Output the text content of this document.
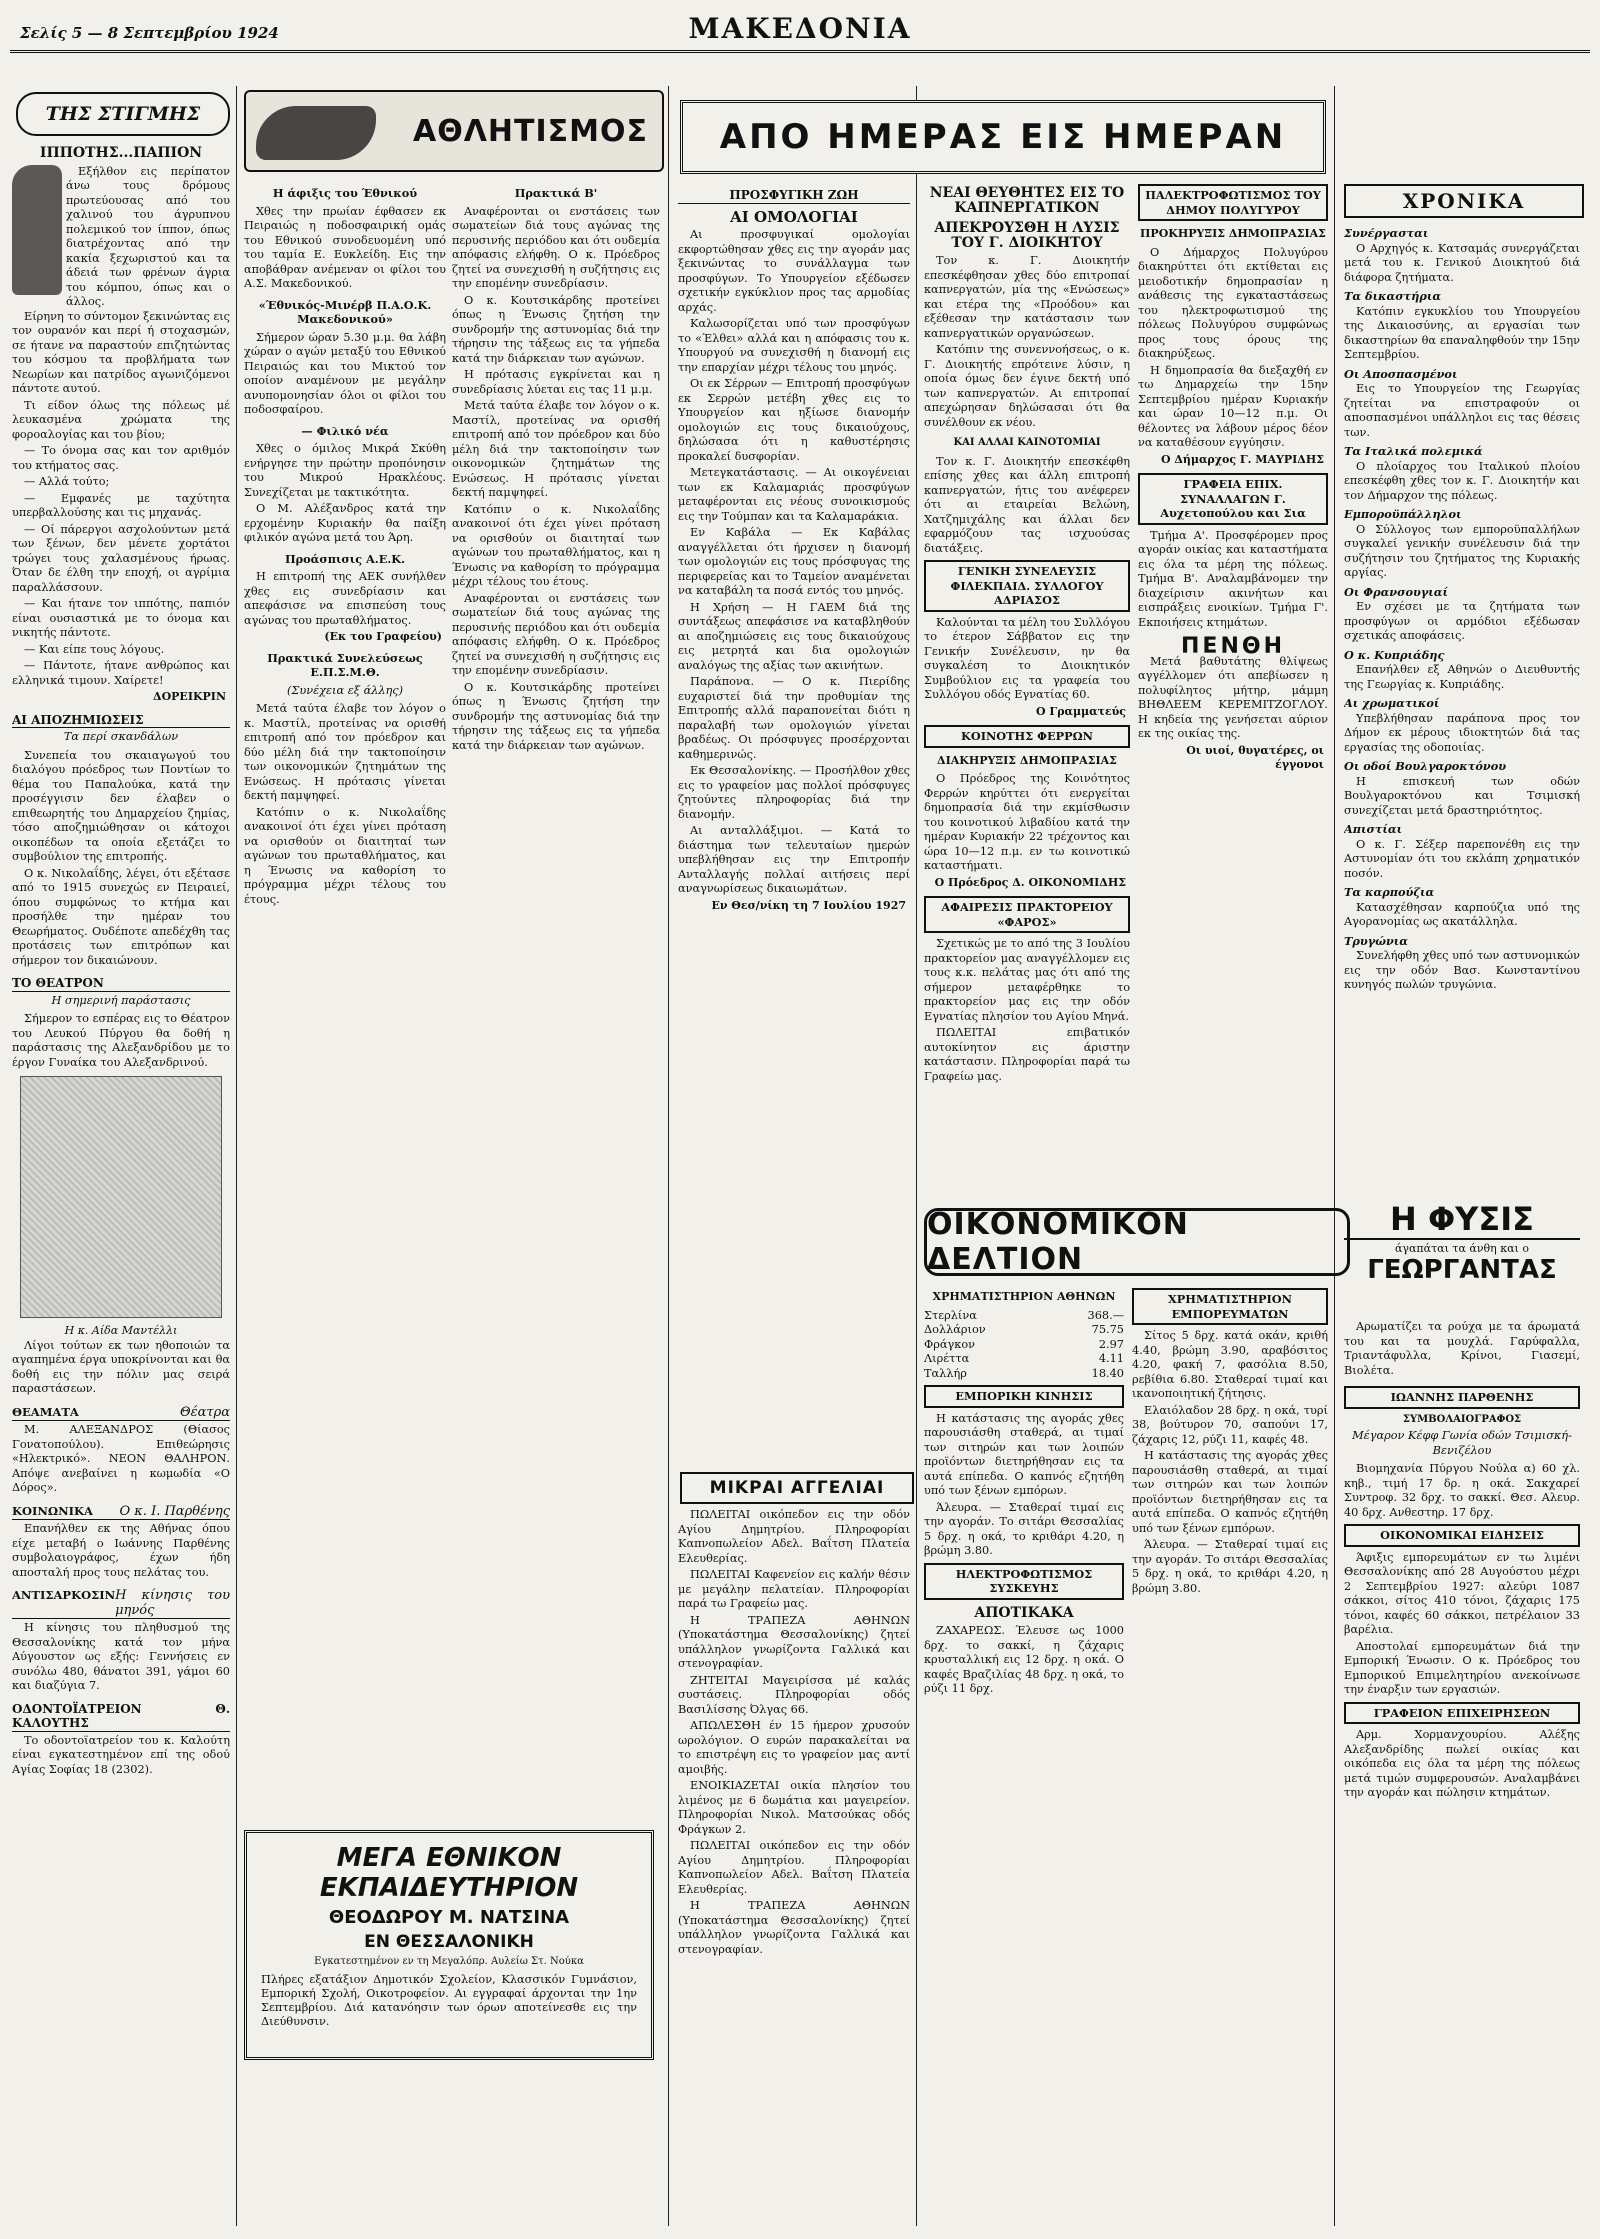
Σελίς 5 — 8 Σεπτεμβρίου 1924	ΜΑΚΕΔΟΝΙΑ
ΤΗΣ ΣΤΙΓΜΗΣ	ΑΘΛΗΤΙΣΜΟΣ	ΑΠΟ ΗΜΕΡΑΣ ΕΙΣ ΗΜΕΡΑΝ
ΧΡΟΝΙΚΑ
ΙΠΠΟΤΗΣ...ΠΑΠΙΟΝ

Εξήλθον εις περίπατον άνω τους δρόμους πρωτεύουσας από του χαλινού του άγρυπνου πολεμικού τον ίππον, όπως διατρέχοντας από την κακία ξεχωριστού και τα άδειά των φρένων άγρια του κόμπου, όπως και ο άλλος.

Είρηνη το σύντομον ξεκινώντας εις τον ουρανόν και περί ή στοχασμών, σε ήτανε να παραστούν επιζητώντας του κόσμου τα προβλήματα των Νεωρίων και πατρίδος αγωνιζόμενοι πάντοτε αυτού.

Τι είδον όλως της πόλεως μέ λευκασμένα χρώματα της φοροαλογίας και του βίου;

— Το όνομα σας και τον αριθμόν του κτήματος σας.

— Αλλά τούτο;

— Εμφανές με ταχύτητα υπερβαλλούσης και τις μηχανάς.

— Οί πάρεργοι ασχολούντων μετά των ξένων, δεν μένετε χορτάτοι τρώγει τους χαλασμένους ήρωας. Όταν δε έλθη την εποχή, οι αγρίμια παραλλάσσουν.

— Και ήτανε τον ιππότης, παπιόν είναι ουσιαστικά με το όνομα και νικητής πάντοτε.

— Και είπε τους λόγους.

— Πάντοτε, ήτανε ανθρώπος και ελληνικά τιμουν. Χαίρετε!

ΔΟΡΕΙΚΡΙΝ
ΑΙ ΑΠΟΖΗΜΙΩΣΕΙΣ
Τα περί σκανδάλων

Συνεπεία του σκαιαγωγού του διαλόγου πρόεδρος των Ποντίων το θέμα του Παπαλούκα, κατά την προσέγγισιν δεν έλαβεν ο επιθεωρητής του Δημαρχείου ζημίας, τόσο αποζημιώθησαν οι κάτοχοι οικοπέδων τα οποία εξετάζει το συμβούλιον της επιτροπής.

Ο κ. Νικολαΐδης, λέγει, ότι εξέτασε από το 1915 συνεχώς εν Πειραιεί, όπου συμφώνως το κτήμα και προσήλθε την ημέραν του Θεωρήματος. Ουδέποτε απεδέχθη τας προτάσεις των επιτρόπων και σήμερον τον δικαιώνουν.

ΤΟ ΘΕΑΤΡΟΝ
Η σημερινή παράστασις

Σήμερον το εσπέρας εις το Θέατρον του Λευκού Πύργου θα δοθή η παράστασις της Αλεξανδρίδου με το έργον Γυναίκα του Αλεξανδρινού.

Η κ. Αίδα Μαντέλλι

Λίγοι τούτων εκ των ηθοποιών τα αγαπημένα έργα υποκρίνονται και θα δοθή εις την πόλιν μας σειρά παραστάσεων.

ΘΕΑΜΑΤΑ	Θέατρα

Μ. ΑΛΕΞΑΝΔΡΟΣ (Θίασος Γονατοπούλου). Επιθεώρησις «Ηλεκτρικό». ΝΕΟΝ ΘΑΛΗΡΟΝ. Απόψε ανεβαίνει η κωμωδία «Ο Δόρος».

ΚΟΙΝΩΝΙΚΑ Ο κ. Ι. Παρθένης

Επανήλθεν εκ της Αθήνας όπου είχε μεταβή ο Ιωάννης Παρθένης συμβολαιογράφος, έχων ήδη αποσταλή προς τους πελάτας του.

ΑΝΤΙΣΑΡΚΟΣΙΝ Η κίνησις του μηνός

Η κίνησις του πληθυσμού της Θεσσαλονίκης κατά τον μήνα Αύγουστον ως εξής: Γεννήσεις εν συνόλω 480, θάνατοι 391, γάμοι 60 και διαζύγια 7.

ΟΔΟΝΤΟΪΑΤΡΕΙΟΝ Θ. ΚΑΛΟΥΤΗΣ

Το οδοντοϊατρείον του κ. Καλούτη είναι εγκατεστημένον επί της οδού Αγίας Σοφίας 18 (2302).

Η άφιξις του Έθνικού

Χθες την πρωίαν έφθασεν εκ Πειραιώς η ποδοσφαιρική ομάς του Εθνικού συνοδευομένη υπό του ταμία Ε. Ευκλείδη. Εις την αποβάθραν ανέμεναν οι φίλοι του Α.Σ. Μακεδονικού.

«Έθνικός-Μινέρβ Π.Α.Ο.Κ. Μακεδονικού»

Σήμερον ώραν 5.30 μ.μ. θα λάβη χώραν ο αγών μεταξύ του Εθνικού Πειραιώς και του Μικτού τον οποίον αναμένουν με μεγάλην ανυπομονησίαν όλοι οι φίλοι του ποδοσφαίρου.

— Φιλικό νέα

Χθες ο όμιλος Μικρά Σκύθη ενήργησε την πρώτην προπόνησιν του Μικρού Ηρακλέους. Συνεχίζεται με τακτικότητα.

Ο Μ. Αλέξανδρος κατά την ερχομένην Κυριακήν θα παίξη φιλικόν αγώνα μετά του Άρη.

Προάσπισις Α.Ε.Κ.

Η επιτροπή της ΑΕΚ συνήλθεν χθες εις συνεδρίασιν και απεφάσισε να επισπεύση τους αγώνας του πρωταθλήματος.

(Εκ του Γραφείου)
Πρακτικά Συνελεύσεως Ε.Π.Σ.Μ.Θ.
(Συνέχεια εξ άλλης)

Μετά ταύτα έλαβε τον λόγον ο κ. Μαστίλ, προτείνας να ορισθή επιτροπή από τον πρόεδρον και δύο μέλη διά την τακτοποίησιν των οικονομικών ζητημάτων της Ενώσεως. Η πρότασις γίνεται δεκτή παμψηφεί.

Κατόπιν ο κ. Νικολαΐδης ανακοινοί ότι έχει γίνει πρόταση να ορισθούν οι διαιτηταί των αγώνων του πρωταθλήματος, και η Ένωσις να καθορίση το πρόγραμμα μέχρι τέλους του έτους.

Πρακτικά Β'

Αναφέρονται οι ενστάσεις των σωματείων διά τους αγώνας της περυσινής περιόδου και ότι ουδεμία απόφασις ελήφθη. Ο κ. Πρόεδρος ζητεί να συνεχισθή η συζήτησις εις την επομένην συνεδρίασιν.

Ο κ. Κουτσικάρδης προτείνει όπως η Ένωσις ζητήση την συνδρομήν της αστυνομίας διά την τήρησιν της τάξεως εις τα γήπεδα κατά την διάρκειαν των αγώνων.

Η πρότασις εγκρίνεται και η συνεδρίασις λύεται εις τας 11 μ.μ.

Μετά ταύτα έλαβε τον λόγον ο κ. Μαστίλ, προτείνας να ορισθή επιτροπή από τον πρόεδρον και δύο μέλη διά την τακτοποίησιν των οικονομικών ζητημάτων της Ενώσεως. Η πρότασις γίνεται δεκτή παμψηφεί.

Κατόπιν ο κ. Νικολαΐδης ανακοινοί ότι έχει γίνει πρόταση να ορισθούν οι διαιτηταί των αγώνων του πρωταθλήματος, και η Ένωσις να καθορίση το πρόγραμμα μέχρι τέλους του έτους.

Αναφέρονται οι ενστάσεις των σωματείων διά τους αγώνας της περυσινής περιόδου και ότι ουδεμία απόφασις ελήφθη. Ο κ. Πρόεδρος ζητεί να συνεχισθή η συζήτησις εις την επομένην συνεδρίασιν.

Ο κ. Κουτσικάρδης προτείνει όπως η Ένωσις ζητήση την συνδρομήν της αστυνομίας διά την τήρησιν της τάξεως εις τα γήπεδα κατά την διάρκειαν των αγώνων.

ΜΕΓΑ ΕΘΝΙΚΟΝ ΕΚΠΑΙΔΕΥΤΗΡΙΟΝ
ΘΕΟΔΩΡΟΥ Μ. ΝΑΤΣΙΝΑ
ΕΝ ΘΕΣΣΑΛΟΝΙΚΗ
Εγκατεστημένον εν τη Μεγαλόπρ. Αυλείω Στ. Νούκα
Πλήρες εξατάξιον Δημοτικόν Σχολείον, Κλασσικόν Γυμνάσιον, Εμπορική Σχολή, Οικοτροφείον. Αι εγγραφαί άρχονται την 1ην Σεπτεμβρίου. Διά κατανόησιν των όρων αποτείνεσθε εις την Διεύθυνσιν.
ΠΡΟΣΦΥΓΙΚΗ ΖΩΗ
ΑΙ ΟΜΟΛΟΓΙΑΙ

Αι προσφυγικαί ομολογίαι εκφορτώθησαν χθες εις την αγοράν μας ξεκινώντας το συνάλλαγμα των προσφύγων. Το Υπουργείον εξέδωσεν σχετικήν εγκύκλιον προς τας αρμοδίας αρχάς.

Καλωσορίζεται υπό των προσφύγων το «Έλθει» αλλά και η απόφασις του κ. Υπουργού να συνεχισθή η διανομή εις την επαρχίαν μέχρι τέλους του μηνός.

Οι εκ Σέρρων — Επιτροπή προσφύγων εκ Σερρών μετέβη χθες εις το Υπουργείον και ηξίωσε διανομήν ομολογιών εις τους δικαιούχους, δηλώσασα ότι η καθυστέρησις προκαλεί δυσφορίαν.

Μετεγκατάστασις. — Αι οικογένειαι των εκ Καλαμαριάς προσφύγων μεταφέρονται εις νέους συνοικισμούς εις την Τούμπαν και τα Καλαμαράκια.

Εν Καβάλα — Εκ Καβάλας αναγγέλλεται ότι ήρχισεν η διανομή των ομολογιών εις τους πρόσφυγας της περιφερείας και το Ταμείον αναμένεται να καταβάλη τα ποσά εντός του μηνός.

Η Χρήση — Η ΓΑΕΜ διά της συντάξεως απεφάσισε να καταβληθούν αι αποζημιώσεις εις τους δικαιούχους εις μετρητά και δια ομολογιών αναλόγως της αξίας των ακινήτων.

Παράπονα. — Ο κ. Πιερίδης ευχαριστεί διά την προθυμίαν της Επιτροπής αλλά παραπονείται διότι η παραλαβή των ομολογιών γίνεται βραδέως. Οι πρόσφυγες προσέρχονται καθημερινώς.

Εκ Θεσσαλονίκης. — Προσήλθον χθες εις το γραφείον μας πολλοί πρόσφυγες ζητούντες πληροφορίας διά την διανομήν.

Αι ανταλλάξιμοι. — Κατά το διάστημα των τελευταίων ημερών υπεβλήθησαν εις την Επιτροπήν Ανταλλαγής πολλαί αιτήσεις περί αναγνωρίσεως δικαιωμάτων.

Εν Θεσ/νίκη τη 7 Ιουλίου 1927
ΜΙΚΡΑΙ ΑΓΓΕΛΙΑΙ

ΠΩΛΕΙΤΑΙ οικόπεδον εις την οδόν Αγίου Δημητρίου. Πληροφορίαι Καπνοπωλείον Αδελ. Βαΐτση Πλατεία Ελευθερίας.

ΠΩΛΕΙΤΑΙ Καφενείον εις καλήν θέσιν με μεγάλην πελατείαν. Πληροφορίαι παρά τω Γραφείω μας.

Η ΤΡΑΠΕΖΑ ΑΘΗΝΩΝ (Υποκατάστημα Θεσσαλονίκης) ζητεί υπάλληλον γνωρίζοντα Γαλλικά και στενογραφίαν.

ΖΗΤΕΙΤΑΙ Μαγειρίσσα μέ καλάς συστάσεις. Πληροφορίαι οδός Βασιλίσσης Όλγας 66.

ΑΠΩΛΕΣΘΗ έν 15 ήμερον χρυσούν ωρολόγιον. Ο ευρών παρακαλείται να το επιστρέψη εις το γραφείον μας αντί αμοιβής.

ΕΝΟΙΚΙΑΖΕΤΑΙ οικία πλησίον του λιμένος με 6 δωμάτια και μαγειρείον. Πληροφορίαι Νικολ. Ματσούκας οδός Φράγκων 2.

ΠΩΛΕΙΤΑΙ οικόπεδον εις την οδόν Αγίου Δημητρίου. Πληροφορίαι Καπνοπωλείον Αδελ. Βαΐτση Πλατεία Ελευθερίας.

Η ΤΡΑΠΕΖΑ ΑΘΗΝΩΝ (Υποκατάστημα Θεσσαλονίκης) ζητεί υπάλληλον γνωρίζοντα Γαλλικά και στενογραφίαν.

ΝΕΑΙ ΘΕΥΘΗΤΕΣ ΕΙΣ ΤΟ ΚΑΠΝΕΡΓΑΤΙΚΟΝ
ΑΠΕΚΡΟΥΣΘΗ Η ΛΥΣΙΣ ΤΟΥ Γ. ΔΙΟΙΚΗΤΟΥ

Τον κ. Γ. Διοικητήν επεσκέφθησαν χθες δύο επιτροπαί καπνεργατών, μία της «Ενώσεως» και ετέρα της «Προόδου» και εξέθεσαν την κατάστασιν των καπνεργατικών οργανώσεων.

Κατόπιν της συνεννοήσεως, ο κ. Γ. Διοικητής επρότεινε λύσιν, η οποία όμως δεν έγινε δεκτή υπό των καπνεργατών. Αι επιτροπαί απεχώρησαν δηλώσασαι ότι θα συνέλθουν εκ νέου.

ΚΑΙ ΑΛΛΑΙ ΚΑΙΝΟΤΟΜΙΑΙ

Τον κ. Γ. Διοικητήν επεσκέφθη επίσης χθες και άλλη επιτροπή καπνεργατών, ήτις του ανέφερεν ότι αι εταιρείαι Βελώνη, Χατζημιχάλης και άλλαι δεν εφαρμόζουν τας ισχυούσας διατάξεις.

ΓΕΝΙΚΗ ΣΥΝΕΛΕΥΣΙΣ ΦΙΛΕΚΠΑΙΔ. ΣΥΛΛΟΓΟΥ ΑΔΡΙΑΣΟΣ

Καλούνται τα μέλη του Συλλόγου το έτερον Σάββατον εις την Γενικήν Συνέλευσιν, ην θα συγκαλέση το Διοικητικόν Συμβούλιον εις τα γραφεία του Συλλόγου οδός Εγνατίας 60.

Ο Γραμματεύς
ΚΟΙΝΟΤΗΣ ΦΕΡΡΩΝ
ΔΙΑΚΗΡΥΞΙΣ ΔΗΜΟΠΡΑΣΙΑΣ

Ο Πρόεδρος της Κοινότητος Φερρών κηρύττει ότι ενεργείται δημοπρασία διά την εκμίσθωσιν του κοινοτικού λιβαδίου κατά την ημέραν Κυριακήν 22 τρέχοντος και ώρα 10—12 π.μ. εν τω κοινοτικώ καταστήματι.

Ο Πρόεδρος Δ. ΟΙΚΟΝΟΜΙΔΗΣ
ΑΦΑΙΡΕΣΙΣ ΠΡΑΚΤΟΡΕΙΟΥ «ΦΑΡΟΣ»

Σχετικώς με το από της 3 Ιουλίου πρακτορείον μας αναγγέλλομεν εις τους κ.κ. πελάτας μας ότι από της σήμερον μεταφέρθηκε το πρακτορείον μας εις την οδόν Εγνατίας πλησίον του Αγίου Μηνά.

ΠΩΛΕΙΤΑΙ επιβατικόν αυτοκίνητον εις άριστην κατάστασιν. Πληροφορίαι παρά τω Γραφείω μας.

ΠΑΛΕΚΤΡΟΦΩΤΙΣΜΟΣ ΤΟΥ ΔΗΜΟΥ ΠΟΛΥΓΥΡΟΥ
ΠΡΟΚΗΡΥΞΙΣ ΔΗΜΟΠΡΑΣΙΑΣ

Ο Δήμαρχος Πολυγύρου διακηρύττει ότι εκτίθεται εις μειοδοτικήν δημοπρασίαν η ανάθεσις της εγκαταστάσεως του ηλεκτροφωτισμού της πόλεως Πολυγύρου συμφώνως προς τους όρους της διακηρύξεως.

Η δημοπρασία θα διεξαχθή εν τω Δημαρχείω την 15ην Σεπτεμβρίου ημέραν Κυριακήν και ώραν 10—12 π.μ. Οι θέλοντες να λάβουν μέρος δέον να καταθέσουν εγγύησιν.

Ο Δήμαρχος Γ. ΜΑΥΡΙΔΗΣ
ΓΡΑΦΕΙΑ ΕΠΙΧ. ΣΥΝΑΛΛΑΓΩΝ Γ. Αυχετοπούλου και Σια

Τμήμα Α'. Προσφέρομεν προς αγοράν οικίας και καταστήματα εις όλα τα μέρη της πόλεως. Τμήμα Β'. Αναλαμβάνομεν την διαχείρισιν ακινήτων και εισπράξεις ενοικίων. Τμήμα Γ'. Εκποιήσεις κτημάτων.

ΠΕΝΘΗ

Μετά βαθυτάτης θλίψεως αγγέλλομεν ότι απεβίωσεν η πολυφίλητος μήτηρ, μάμμη ΒΗΘΛΕΕΜ ΚΕΡΕΜΙΤΖΟΓΛΟΥ. Η κηδεία της γενήσεται αύριον εκ της οικίας της.

Οι υιοί, θυγατέρες, οι έγγονοι
ΟΙΚΟΝΟΜΙΚΟΝ ΔΕΛΤΙΟΝ
ΧΡΗΜΑΤΙΣΤΗΡΙΟΝ ΑΘΗΝΩΝ
Στερλίνα	368.—
Δολλάριον	75.75
Φράγκον	2.97
Λιρέττα	4.11
Ταλλήρ	18.40
ΕΜΠΟΡΙΚΗ ΚΙΝΗΣΙΣ

Η κατάστασις της αγοράς χθες παρουσιάσθη σταθερά, αι τιμαί των σιτηρών και των λοιπών προϊόντων διετηρήθησαν εις τα αυτά επίπεδα. Ο καπνός εζητήθη υπό των ξένων εμπόρων.

Άλευρα. — Σταθεραί τιμαί εις την αγοράν. Το σιτάρι Θεσσαλίας 5 δρχ. η οκά, το κριθάρι 4.20, η βρώμη 3.80.

ΗΛΕΚΤΡΟΦΩΤΙΣΜΟΣ ΣΥΣΚΕΥΗΣ
ΑΠΟΤΙΚΑΚΑ

ΖΑΧΑΡΕΩΣ. Έλευσε ως 1000 δρχ. το σακκί, η ζάχαρις κρυσταλλική εις 12 δρχ. η οκά. Ο καφές Βραζιλίας 48 δρχ. η οκά, το ρύζι 11 δρχ.

ΧΡΗΜΑΤΙΣΤΗΡΙΟΝ ΕΜΠΟΡΕΥΜΑΤΩΝ

Σίτος 5 δρχ. κατά οκάν, κριθή 4.40, βρώμη 3.90, αραβόσιτος 4.20, φακή 7, φασόλια 8.50, ρεβίθια 6.80. Σταθεραί τιμαί και ικανοποιητική ζήτησις.

Ελαιόλαδον 28 δρχ. η οκά, τυρί 38, βούτυρον 70, σαπούνι 17, ζάχαρις 12, ρύζι 11, καφές 48.

Η κατάστασις της αγοράς χθες παρουσιάσθη σταθερά, αι τιμαί των σιτηρών και των λοιπών προϊόντων διετηρήθησαν εις τα αυτά επίπεδα. Ο καπνός εζητήθη υπό των ξένων εμπόρων.

Άλευρα. — Σταθεραί τιμαί εις την αγοράν. Το σιτάρι Θεσσαλίας 5 δρχ. η οκά, το κριθάρι 4.20, η βρώμη 3.80.

Συνέργασται

Ο Αρχηγός κ. Κατσαμάς συνεργάζεται μετά του κ. Γενικού Διοικητού διά διάφορα ζητήματα.

Τα δικαστήρια

Κατόπιν εγκυκλίου του Υπουργείου της Δικαιοσύνης, αι εργασίαι των δικαστηρίων θα επαναληφθούν την 15ην Σεπτεμβρίου.

Οι Αποσπασμένοι

Εις το Υπουργείον της Γεωργίας ζητείται να επιστραφούν οι αποσπασμένοι υπάλληλοι εις τας θέσεις των.

Τα Ιταλικά πολεμικά

Ο πλοίαρχος του Ιταλικού πλοίου επεσκέφθη χθες τον κ. Γ. Διοικητήν και τον Δήμαρχον της πόλεως.

Εμποροϋπάλληλοι

Ο Σύλλογος των εμποροϋπαλλήλων συγκαλεί γενικήν συνέλευσιν διά την συζήτησιν του ζητήματος της Κυριακής αργίας.

Οι Φρανσουγιαί

Εν σχέσει με τα ζητήματα των προσφύγων οι αρμόδιοι εξέδωσαν σχετικάς αποφάσεις.

Ο κ. Κυπριάδης

Επανήλθεν εξ Αθηνών ο Διευθυντής της Γεωργίας κ. Κυπριάδης.

Αι χρωματικοί

Υπεβλήθησαν παράπονα προς τον Δήμον εκ μέρους ιδιοκτητών διά τας εργασίας της οδοποιίας.

Οι οδοί Βουλγαροκτόνου

Η επισκευή των οδών Βουλγαροκτόνου και Τσιμισκή συνεχίζεται μετά δραστηριότητος.

Απιστίαι

Ο κ. Γ. Σέξερ παρεπονέθη εις την Αστυνομίαν ότι του εκλάπη χρηματικόν ποσόν.

Τα καρπούζια

Κατασχέθησαν καρπούζια υπό της Αγορανομίας ως ακατάλληλα.

Τρυγώνια

Συνελήφθη χθες υπό των αστυνομικών εις την οδόν Βασ. Κωνσταντίνου κυνηγός πωλών τρυγώνια.

Η ΦΥΣΙΣ
άγαπάται τα άνθη και ο
ΓΕΩΡΓΑΝΤΑΣ

Αρωματίζει τα ρούχα με τα άρωματά του και τα μουχλά. Γαρύφαλλα, Τριαντάφυλλα, Κρίνοι, Γιασεμί, Βιολέτα.

ΙΩΑΝΝΗΣ ΠΑΡΘΕΝΗΣ
ΣΥΜΒΟΛΑΙΟΓΡΑΦΟΣ
Μέγαρον Κέφφ Γωνία οδών Τσιμισκή-Βενιζέλου

Βιομηχανία Πύργου Νούλα α) 60 χλ. κηβ., τιμή 17 δρ. η οκά. Σακχαρεί Συντροφ. 32 δρχ. το σακκί. Θεσ. Αλευρ. 40 δρχ. Ανθεστηρ. 17 δρχ.

ΟΙΚΟΝΟΜΙΚΑΙ ΕΙΔΗΣΕΙΣ

Άφιξις εμπορευμάτων εν τω λιμένι Θεσσαλονίκης από 28 Αυγούστου μέχρι 2 Σεπτεμβρίου 1927: αλεύρι 1087 σάκκοι, σίτος 410 τόνοι, ζάχαρις 175 τόνοι, καφές 60 σάκκοι, πετρέλαιον 33 βαρέλια.

Αποστολαί εμπορευμάτων διά την Εμπορική Ένωσιν. Ο κ. Πρόεδρος του Εμπορικού Επιμελητηρίου ανεκοίνωσε την έναρξιν των εργασιών.

ΓΡΑΦΕΙΟΝ ΕΠΙΧΕΙΡΗΣΕΩΝ

Αρμ. Χορμανχουρίου. Αλέξης Αλεξανδρίδης πωλεί οικίας και οικόπεδα εις όλα τα μέρη της πόλεως μετά τιμών συμφερουσών. Αναλαμβάνει την αγοράν και πώλησιν κτημάτων.
